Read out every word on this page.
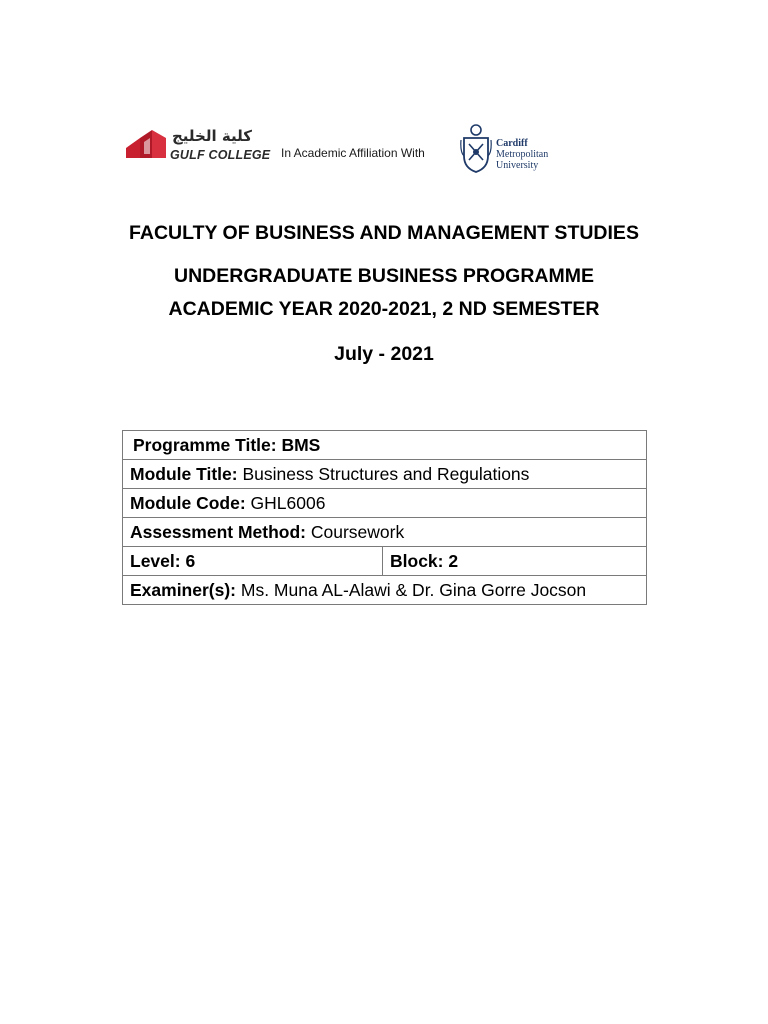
كلية الخليج
GULF COLLEGE In Academic Affiliation With
Cardiff
Metropolitan
University
FACULTY OF BUSINESS AND MANAGEMENT STUDIES
UNDERGRADUATE BUSINESS PROGRAMME
ACADEMIC YEAR 2020-2021, 2 ND SEMESTER
July - 2021
Programme Title: BMS
Module Title: Business Structures and Regulations
Module Code: GHL6006
Assessment Method: Coursework
Level: 6	Block: 2
Examiner(s): Ms. Muna AL-Alawi & Dr. Gina Gorre Jocson
